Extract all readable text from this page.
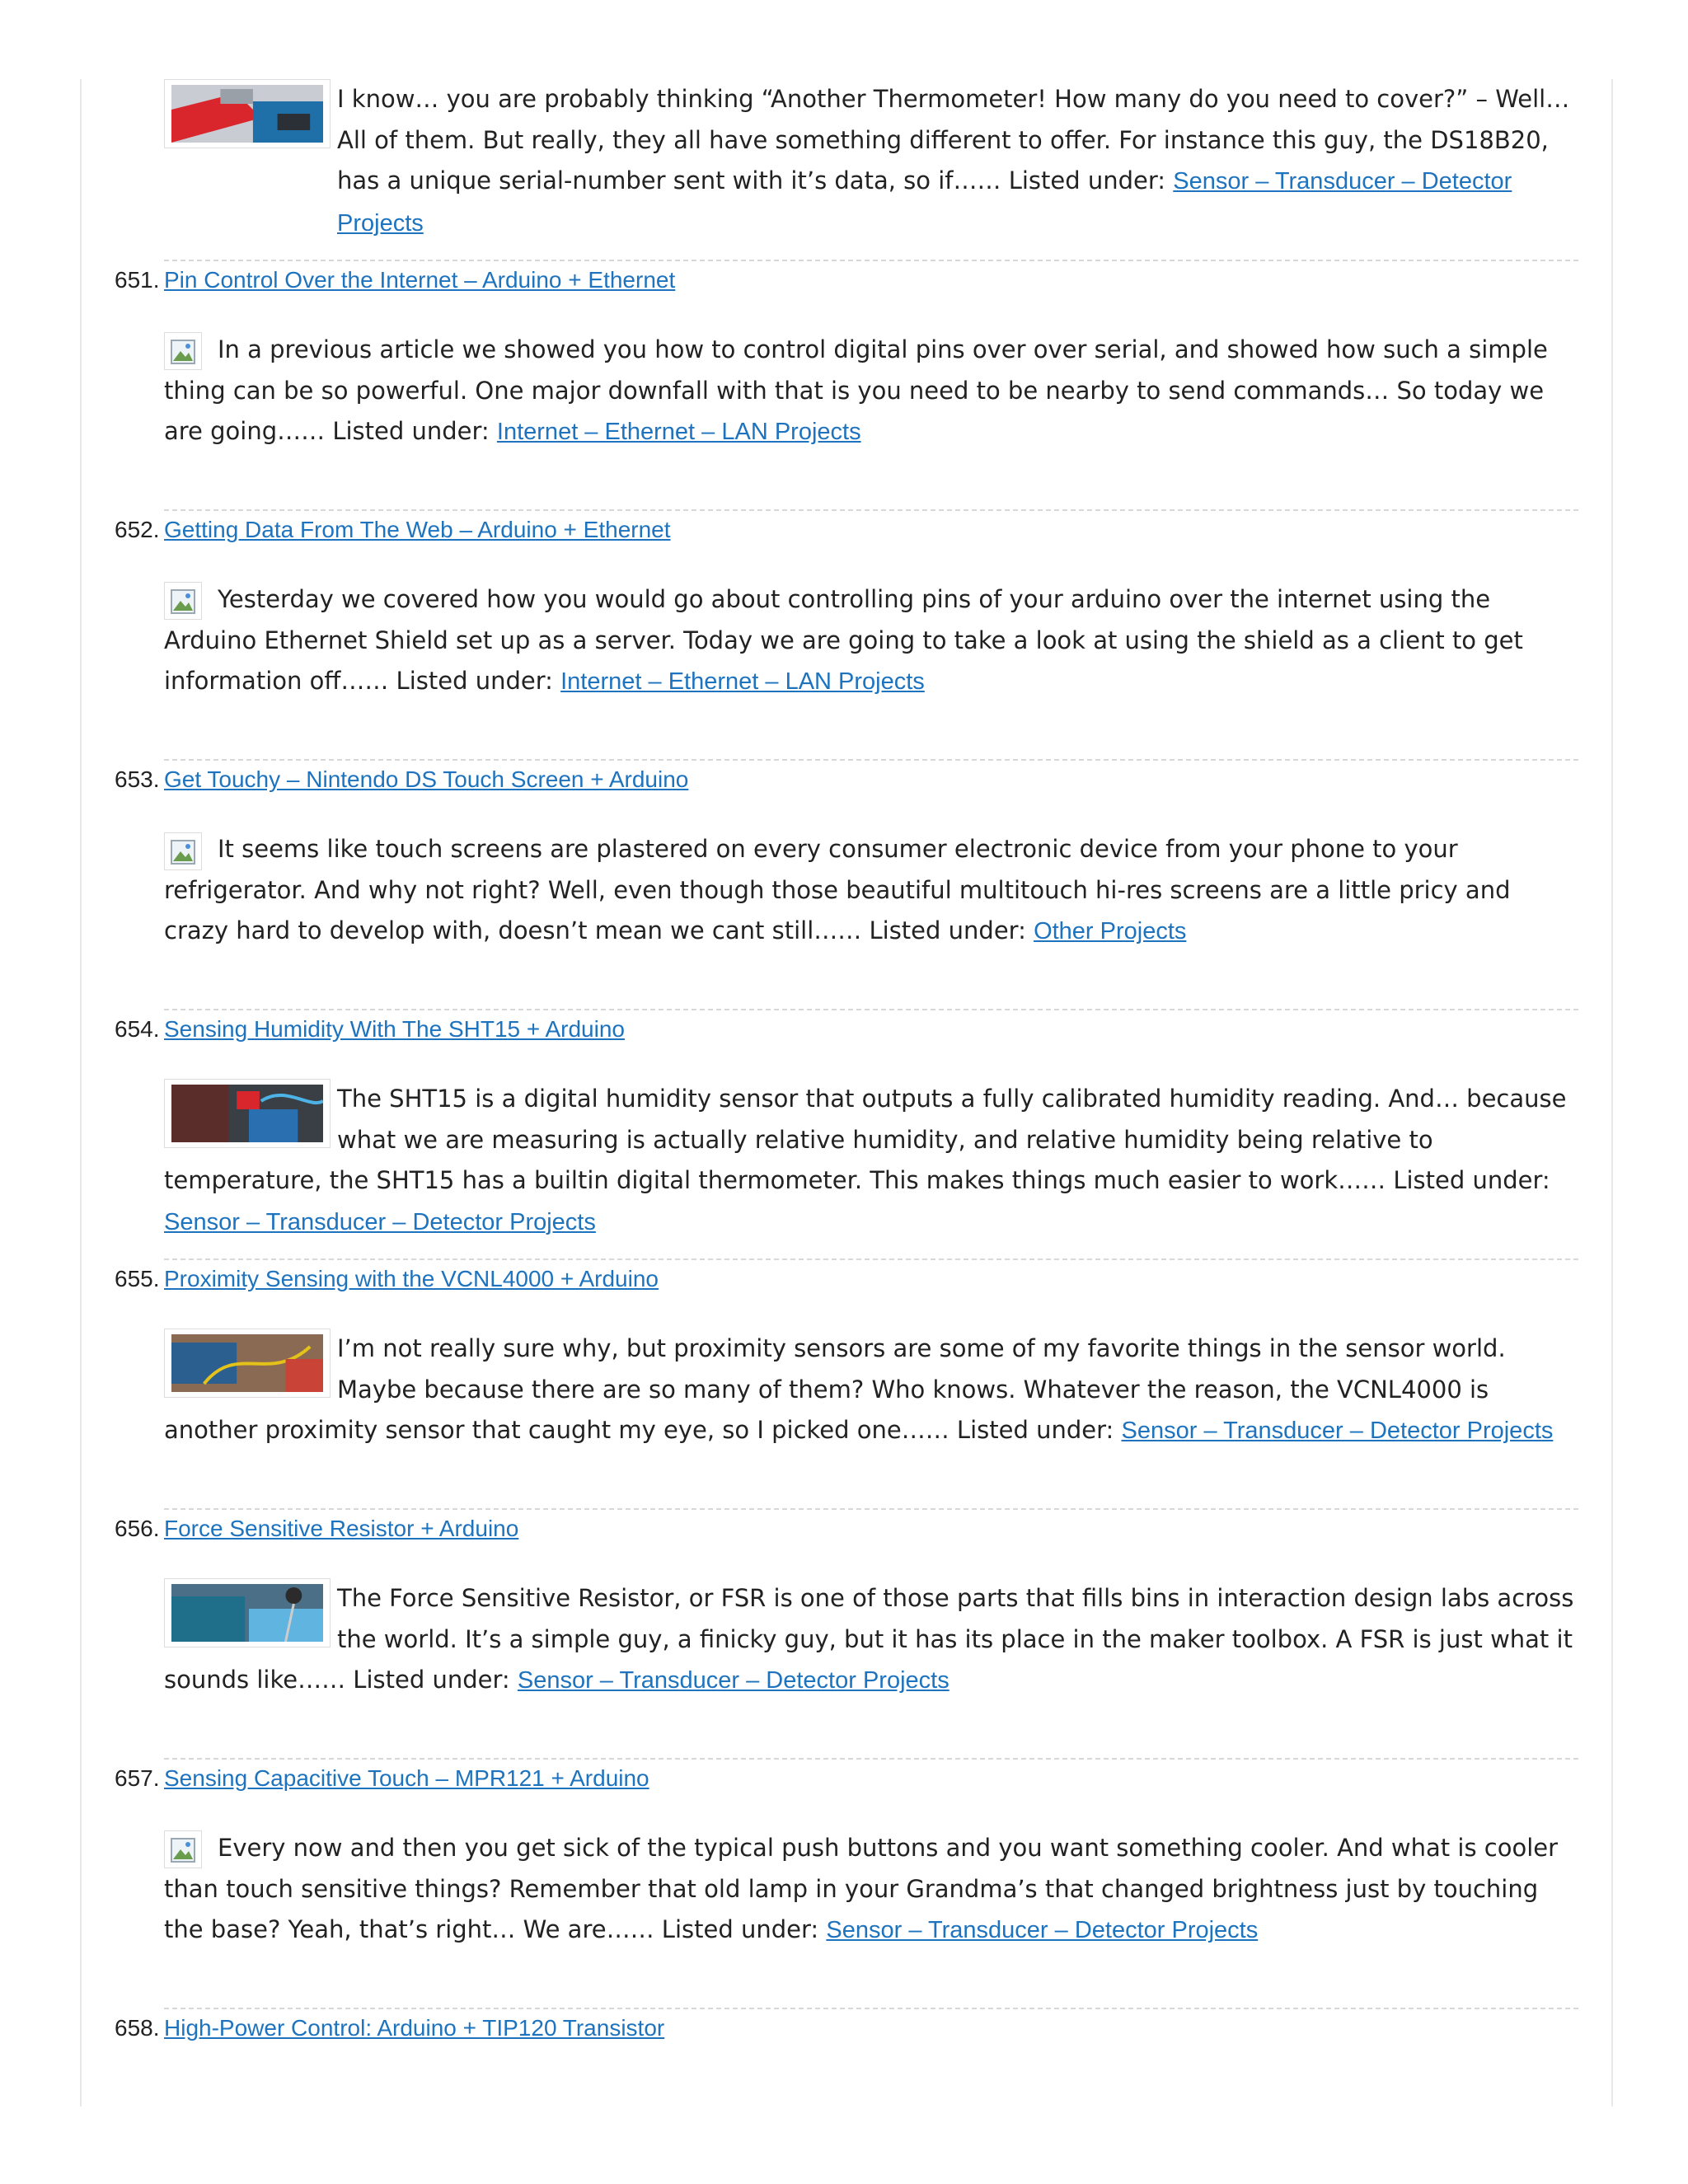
I know… you are probably thinking “Another Thermometer! How many do you need to cover?” – Well… All of them. But really, they all have something different to offer. For instance this guy, the DS18B20, has a unique serial-number sent with it’s data, so if…… Listed under: Sensor – Transducer – Detector Projects

651. Pin Control Over the Internet – Arduino + Ethernet

In a previous article we showed you how to control digital pins over over serial, and showed how such a simple thing can be so powerful. One major downfall with that is you need to be nearby to send commands… So today we are going…… Listed under: Internet – Ethernet – LAN Projects

652. Getting Data From The Web – Arduino + Ethernet

Yesterday we covered how you would go about controlling pins of your arduino over the internet using the Arduino Ethernet Shield set up as a server. Today we are going to take a look at using the shield as a client to get information off…… Listed under: Internet – Ethernet – LAN Projects

653. Get Touchy – Nintendo DS Touch Screen + Arduino

It seems like touch screens are plastered on every consumer electronic device from your phone to your refrigerator. And why not right? Well, even though those beautiful multitouch hi-res screens are a little pricy and crazy hard to develop with, doesn’t mean we cant still…… Listed under: Other Projects

654. Sensing Humidity With The SHT15 + Arduino

The SHT15 is a digital humidity sensor that outputs a fully calibrated humidity reading. And… because what we are measuring is actually relative humidity, and relative humidity being relative to temperature, the SHT15 has a builtin digital thermometer. This makes things much easier to work…… Listed under: Sensor – Transducer – Detector Projects

655. Proximity Sensing with the VCNL4000 + Arduino

I’m not really sure why, but proximity sensors are some of my favorite things in the sensor world. Maybe because there are so many of them? Who knows. Whatever the reason, the VCNL4000 is another proximity sensor that caught my eye, so I picked one…… Listed under: Sensor – Transducer – Detector Projects

656. Force Sensitive Resistor + Arduino

The Force Sensitive Resistor, or FSR is one of those parts that fills bins in interaction design labs across the world. It’s a simple guy, a finicky guy, but it has its place in the maker toolbox. A FSR is just what it sounds like…… Listed under: Sensor – Transducer – Detector Projects

657. Sensing Capacitive Touch – MPR121 + Arduino

Every now and then you get sick of the typical push buttons and you want something cooler. And what is cooler than touch sensitive things? Remember that old lamp in your Grandma’s that changed brightness just by touching the base? Yeah, that’s right… We are…… Listed under: Sensor – Transducer – Detector Projects

658. High-Power Control: Arduino + TIP120 Transistor
